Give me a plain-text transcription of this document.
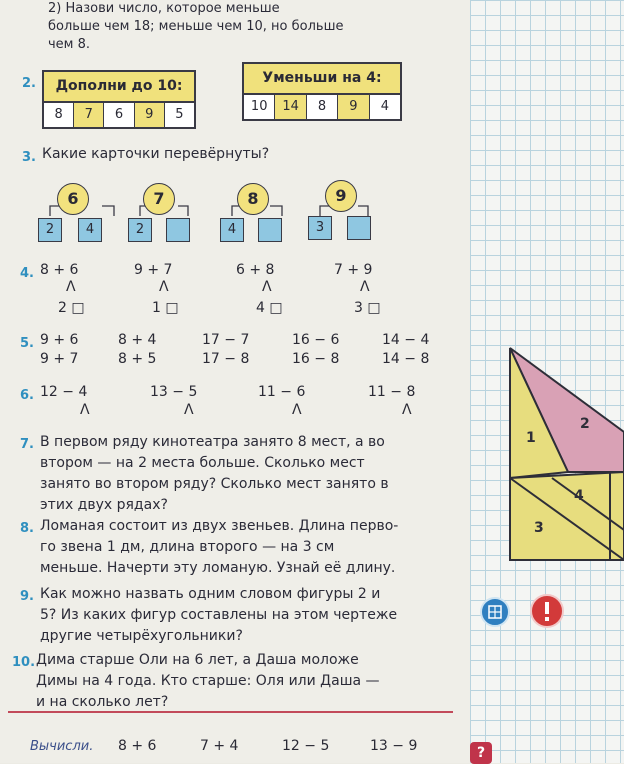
2) Назови число, которое меньше
больше чем 18; меньше чем 10, но больше
чем 8.
2.	Дополни до 10:
8	7	6	9	5
Уменьши на 4:
10	14	8	9	4
3. Какие карточки перевёрнуты?
6
2	4
7
2
8
4
9
3
4. 8 + 6
Λ
2 □
9 + 7
Λ
1 □
6 + 8
Λ
4 □
7 + 9
Λ
3 □
5. 9 + 6
9 + 7
8 + 4
8 + 5
17 − 7
17 − 8
16 − 6
16 − 8
14 − 4
14 − 8
6. 12 − 4
Λ
13 − 5
Λ
11 − 6
Λ
11 − 8
Λ
7. В первом ряду кинотеатра занято 8 мест, а во
втором — на 2 места больше. Сколько мест
занято во втором ряду? Сколько мест занято в
этих двух рядах?
8. Ломаная состоит из двух звеньев. Длина перво-
го звена 1 дм, длина второго — на 3 см
меньше. Начерти эту ломаную. Узнай её длину.
9. Как можно назвать одним словом фигуры 2 и
5? Из каких фигур составлены на этом чертеже
другие четырёхугольники?
10. Дима старше Оли на 6 лет, а Даша моложе
Димы на 4 года. Кто старше: Оля или Даша —
и на сколько лет?
Вычисли. 8 + 6	7 + 4	12 − 5	13 − 9
1
2
3
4
?
